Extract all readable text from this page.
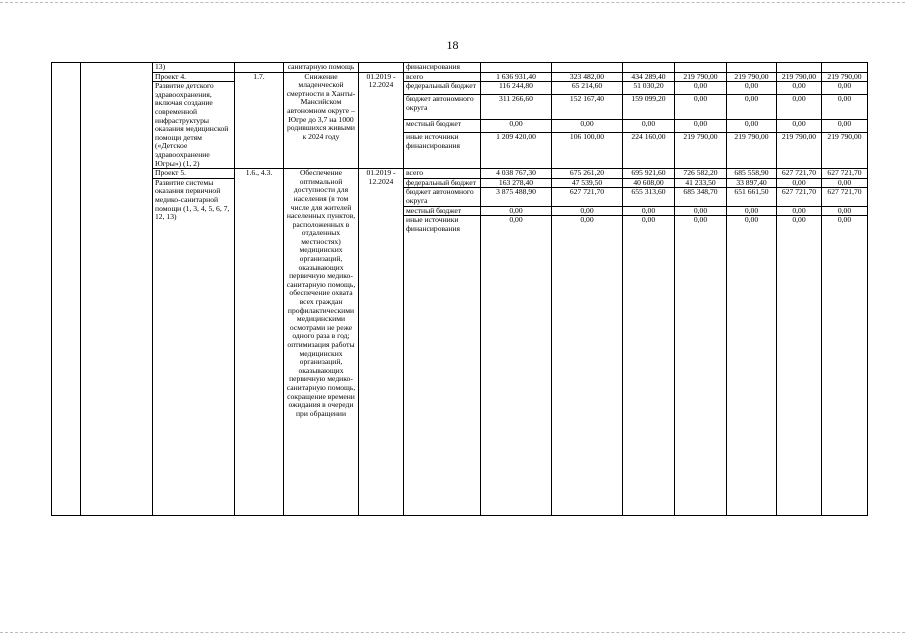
18
		13)		санитарную помощь		финансирования							
		Проект 4.	1.7.	Снижение младенческой смертности в Ханты-Мансийском автономном округе – Югре до 3,7 на 1000 родившихся живыми к 2024 году	01.2019 - 12.2024	всего	1 636 931,40	323 482,00	434 289,40	219 790,00	219 790,00	219 790,00	219 790,00
		Развитие детского здравоохранения, включая создание современной инфраструктуры оказания медицинской помощи детям («Детское здравоохранение Югры») (1, 2)				федеральный бюджет	116 244,80	65 214,60	51 030,20	0,00	0,00	0,00	0,00
						бюджет автономного округа	311 266,60	152 167,40	159 099,20	0,00	0,00	0,00	0,00
						местный бюджет	0,00	0,00	0,00	0,00	0,00	0,00	0,00
						иные источники финансирования	1 209 420,00	106 100,00	224 160,00	219 790,00	219 790,00	219 790,00	219 790,00
		Проект 5.	1.6., 4.3.	Обеспечение оптимальной доступности для населения (в том числе для жителей населенных пунктов, расположенных в отдаленных местностях) медицинских организаций, оказывающих первичную медико-санитарную помощь, обеспечение охвата всех граждан профилактическими медицинскими осмотрами не реже одного раза в год; оптимизация работы медицинских организаций, оказывающих первичную медико-санитарную помощь, сокращение времени ожидания в очереди при обращении	01.2019 - 12.2024	всего	4 038 767,30	675 261,20	695 921,60	726 582,20	685 558,90	627 721,70	627 721,70
		Развитие системы оказания первичной медико-санитарной помощи (1, 3, 4, 5, 6, 7, 12, 13)				федеральный бюджет	163 278,40	47 539,50	40 608,00	41 233,50	33 897,40	0,00	0,00
						бюджет автономного округа	3 875 488,90	627 721,70	655 313,60	685 348,70	651 661,50	627 721,70	627 721,70
						местный бюджет	0,00	0,00	0,00	0,00	0,00	0,00	0,00
						иные источники финансирования	0,00	0,00	0,00	0,00	0,00	0,00	0,00
